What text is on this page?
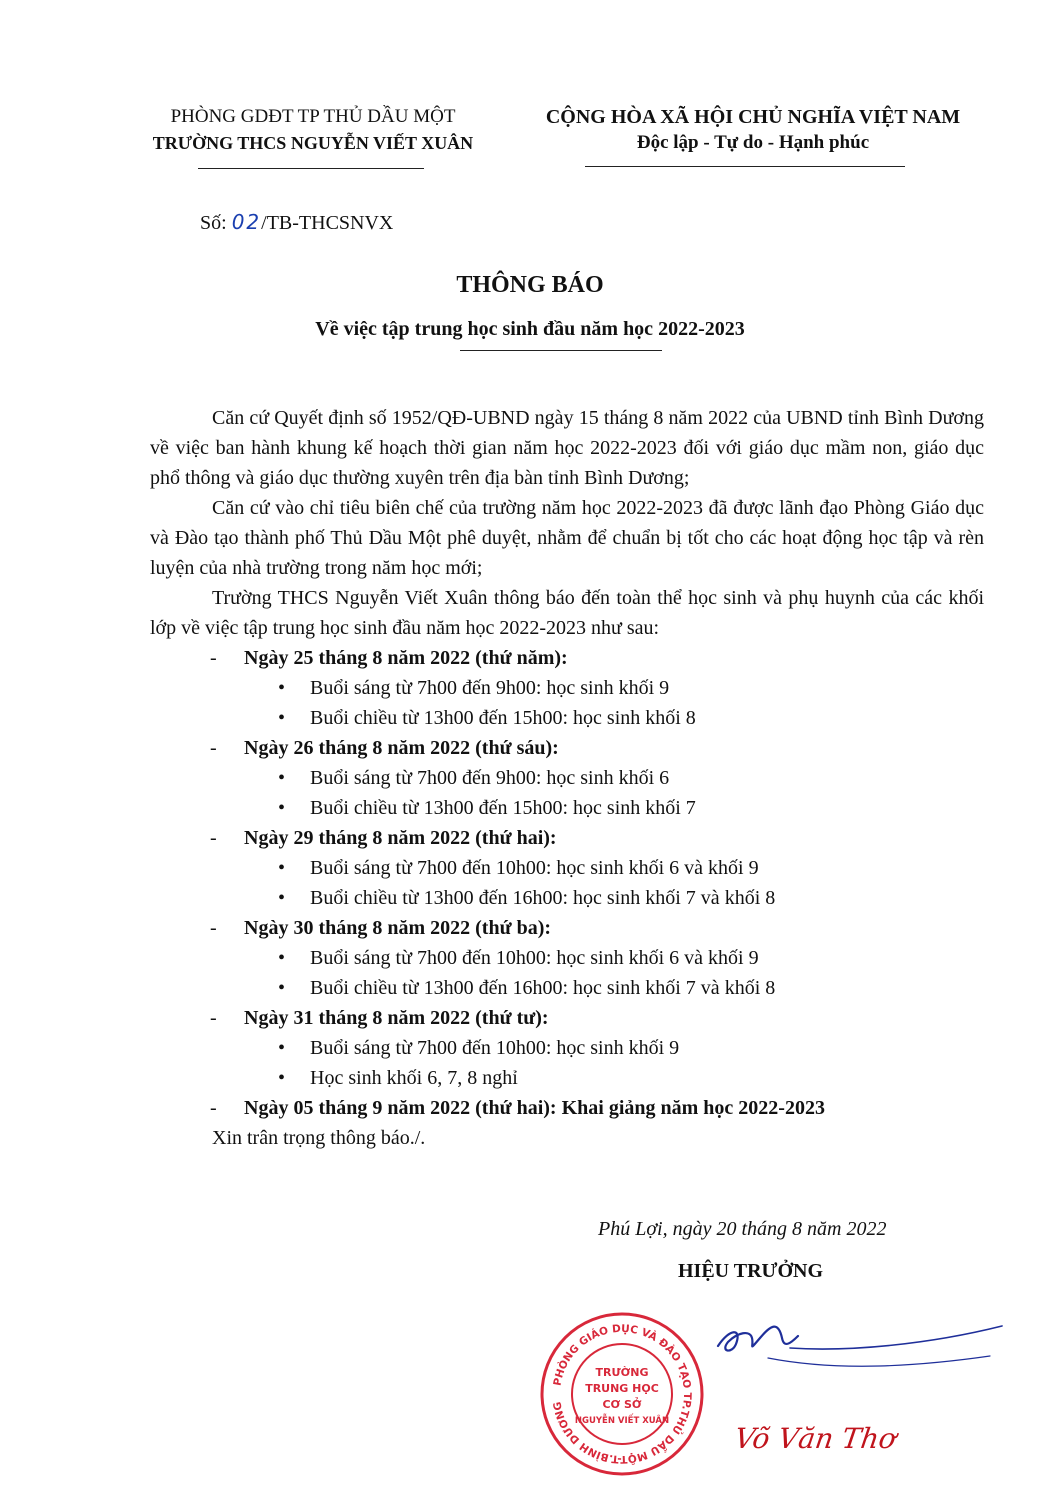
PHÒNG GDĐT TP THỦ DẦU MỘT
TRƯỜNG THCS NGUYỄN VIẾT XUÂN
CỘNG HÒA XÃ HỘI CHỦ NGHĨA VIỆT NAM
Độc lập - Tự do - Hạnh phúc
Số: 02/TB-THCSNVX
THÔNG BÁO
Về việc tập trung học sinh đầu năm học 2022-2023

Căn cứ Quyết định số 1952/QĐ-UBND ngày 15 tháng 8 năm 2022 của UBND tỉnh Bình Dương về việc ban hành khung kế hoạch thời gian năm học 2022-2023 đối với giáo dục mầm non, giáo dục phổ thông và giáo dục thường xuyên trên địa bàn tỉnh Bình Dương;

Căn cứ vào chỉ tiêu biên chế của trường năm học 2022-2023 đã được lãnh đạo Phòng Giáo dục và Đào tạo thành phố Thủ Dầu Một phê duyệt, nhằm để chuẩn bị tốt cho các hoạt động học tập và rèn luyện của nhà trường trong năm học mới;

Trường THCS Nguyễn Viết Xuân thông báo đến toàn thể học sinh và phụ huynh của các khối lớp về việc tập trung học sinh đầu năm học 2022-2023 như sau:

- Ngày 25 tháng 8 năm 2022 (thứ năm):
• Buổi sáng từ 7h00 đến 9h00: học sinh khối 9
• Buổi chiều từ 13h00 đến 15h00: học sinh khối 8
- Ngày 26 tháng 8 năm 2022 (thứ sáu):
• Buổi sáng từ 7h00 đến 9h00: học sinh khối 6
• Buổi chiều từ 13h00 đến 15h00: học sinh khối 7
- Ngày 29 tháng 8 năm 2022 (thứ hai):
• Buổi sáng từ 7h00 đến 10h00: học sinh khối 6 và khối 9
• Buổi chiều từ 13h00 đến 16h00: học sinh khối 7 và khối 8
- Ngày 30 tháng 8 năm 2022 (thứ ba):
• Buổi sáng từ 7h00 đến 10h00: học sinh khối 6 và khối 9
• Buổi chiều từ 13h00 đến 16h00: học sinh khối 7 và khối 8
- Ngày 31 tháng 8 năm 2022 (thứ tư):
• Buổi sáng từ 7h00 đến 10h00: học sinh khối 9
• Học sinh khối 6, 7, 8 nghỉ
- Ngày 05 tháng 9 năm 2022 (thứ hai): Khai giảng năm học 2022-2023
Xin trân trọng thông báo./.
Phú Lợi, ngày 20 tháng 8 năm 2022
HIỆU TRƯỞNG
PHÒNG GIÁO DỤC VÀ ĐÀO TẠO TP.THỦ DẦU MỘT-T.BÌNH DƯƠNG
TRƯỜNG
TRUNG HỌC
CƠ SỞ
NGUYỄN VIẾT XUÂN
Võ Văn Thơ
